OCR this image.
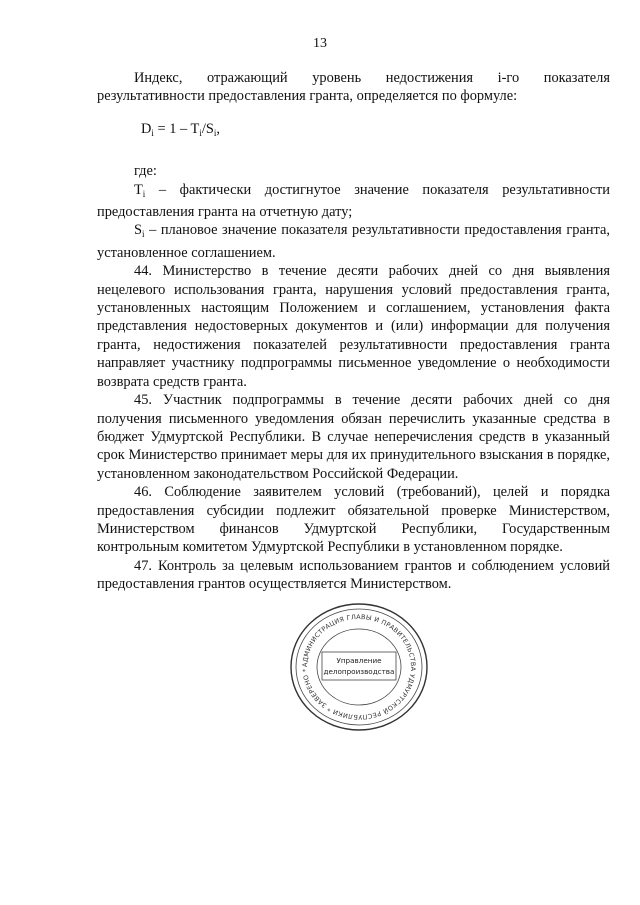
13

Индекс, отражающий уровень недостижения i-го показателя результативности предоставления гранта, определяется по формуле:

$D_i = 1 - T_i/S_i$,

где:

$T_i$ – фактически достигнутое значение показателя результативности предоставления гранта на отчетную дату;

$S_i$ – плановое значение показателя результативности предоставления гранта, установленное соглашением.

44. Министерство в течение десяти рабочих дней со дня выявления нецелевого использования гранта, нарушения условий предоставления гранта, установленных настоящим Положением и соглашением, установления факта представления недостоверных документов и (или) информации для получения гранта, недостижения показателей результативности предоставления гранта направляет участнику подпрограммы письменное уведомление о необходимости возврата средств гранта.

45. Участник подпрограммы в течение десяти рабочих дней со дня получения письменного уведомления обязан перечислить указанные средства в бюджет Удмуртской Республики. В случае неперечисления средств в указанный срок Министерство принимает меры для их принудительного взыскания в порядке, установленном законодательством Российской Федерации.

46. Соблюдение заявителем условий (требований), целей и порядка предоставления субсидии подлежит обязательной проверке Министерством, Министерством финансов Удмуртской Республики, Государственным контрольным комитетом Удмуртской Республики в установленном порядке.

47. Контроль за целевым использованием грантов и соблюдением условий предоставления грантов осуществляется Министерством.

АДМИНИСТРАЦИЯ ГЛАВЫ И ПРАВИТЕЛЬСТВА УДМУРТСКОЙ РЕСПУБЛИКИ * ЗАВЕРЕНО *
Управление
делопроизводства
